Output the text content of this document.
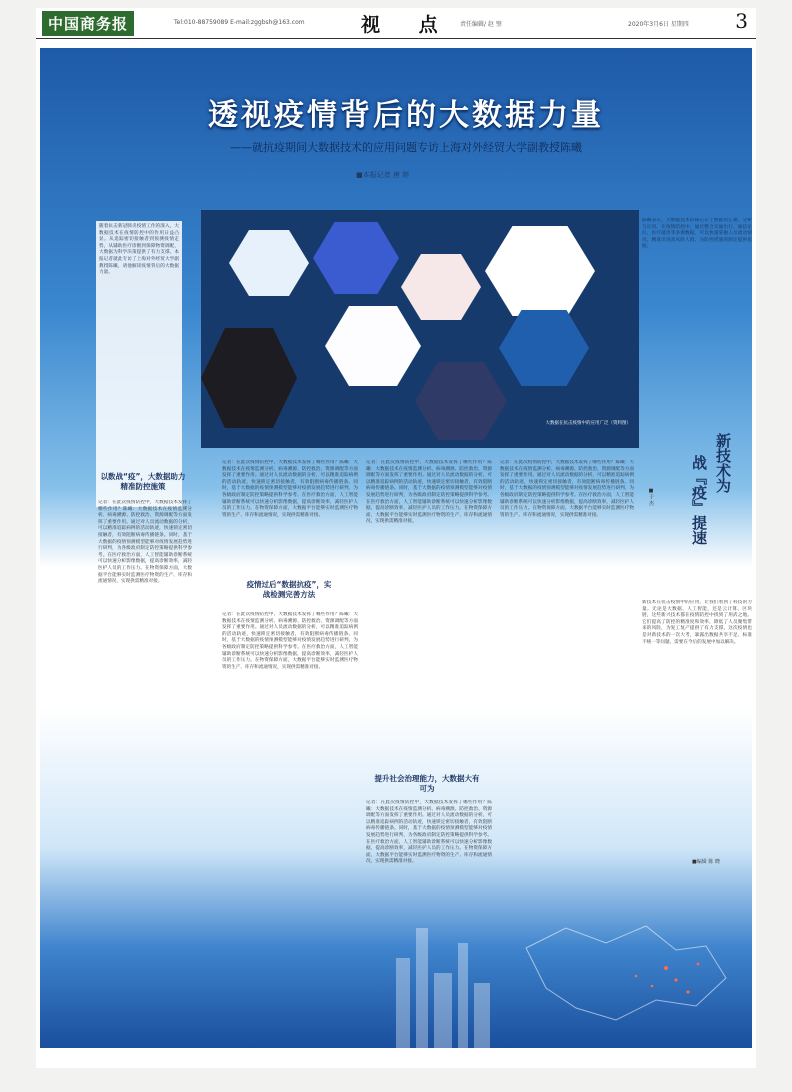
中国商务报	Tel:010-88759089 E-mail:zggbsh@163.com	视 点 责任编辑/ 赵 璧	2020年3月6日 星期四 3
透视疫情背后的大数据力量
——就抗疫期间大数据技术的应用问题专访上海对外经贸大学副教授陈曦
■本报记者 唐 婷
随着抗击新冠肺炎疫情工作的深入，大数据技术在疫情防控中的作用日益凸显。从追踪密切接触者到预测疫情走势，从辅助医疗诊断到保障物资调配，大数据为科学决策提供了有力支撑。本报记者就此专访了上海对外经贸大学副教授陈曦，请他解读疫情背后的大数据力量。
陈曦表示，大数据技术的核心在于数据的汇聚、分析与应用。在疫情防控中，通过整合交通出行、通信定位、医疗就诊等多源数据，可以快速掌握人员流动情况，精准识别高风险人群，为防控措施的制定提供依据。
大数据在抗击疫情中的应用广泛（资料图）
以数战“疫”，大数据助力精准防控施策
记者：在此次疫情防控中，大数据技术发挥了哪些作用？陈曦：大数据技术在疫情监测分析、病毒溯源、防控救治、资源调配等方面发挥了重要作用。通过对人员流动数据的分析，可以精准追踪病例的活动轨迹，快速锁定密切接触者，有效阻断病毒传播链条。同时，基于大数据的疫情预测模型能够对疫情发展趋势进行研判，为各级政府制定防控策略提供科学参考。在医疗救治方面，人工智能辅助诊断系统可以快速分析影像数据，提高诊断效率，减轻医护人员的工作压力。在物资保障方面，大数据平台能够实时监测医疗物资的生产、库存和流通情况，实现供需精准对接。
记者：在此次疫情防控中，大数据技术发挥了哪些作用？陈曦：大数据技术在疫情监测分析、病毒溯源、防控救治、资源调配等方面发挥了重要作用。通过对人员流动数据的分析，可以精准追踪病例的活动轨迹，快速锁定密切接触者，有效阻断病毒传播链条。同时，基于大数据的疫情预测模型能够对疫情发展趋势进行研判，为各级政府制定防控策略提供科学参考。在医疗救治方面，人工智能辅助诊断系统可以快速分析影像数据，提高诊断效率，减轻医护人员的工作压力。在物资保障方面，大数据平台能够实时监测医疗物资的生产、库存和流通情况，实现供需精准对接。
疫情过后“数据抗疫”，实战检测完善方法
记者：在此次疫情防控中，大数据技术发挥了哪些作用？陈曦：大数据技术在疫情监测分析、病毒溯源、防控救治、资源调配等方面发挥了重要作用。通过对人员流动数据的分析，可以精准追踪病例的活动轨迹，快速锁定密切接触者，有效阻断病毒传播链条。同时，基于大数据的疫情预测模型能够对疫情发展趋势进行研判，为各级政府制定防控策略提供科学参考。在医疗救治方面，人工智能辅助诊断系统可以快速分析影像数据，提高诊断效率，减轻医护人员的工作压力。在物资保障方面，大数据平台能够实时监测医疗物资的生产、库存和流通情况，实现供需精准对接。
记者：在此次疫情防控中，大数据技术发挥了哪些作用？陈曦：大数据技术在疫情监测分析、病毒溯源、防控救治、资源调配等方面发挥了重要作用。通过对人员流动数据的分析，可以精准追踪病例的活动轨迹，快速锁定密切接触者，有效阻断病毒传播链条。同时，基于大数据的疫情预测模型能够对疫情发展趋势进行研判，为各级政府制定防控策略提供科学参考。在医疗救治方面，人工智能辅助诊断系统可以快速分析影像数据，提高诊断效率，减轻医护人员的工作压力。在物资保障方面，大数据平台能够实时监测医疗物资的生产、库存和流通情况，实现供需精准对接。
提升社会治理能力，大数据大有可为
记者：在此次疫情防控中，大数据技术发挥了哪些作用？陈曦：大数据技术在疫情监测分析、病毒溯源、防控救治、资源调配等方面发挥了重要作用。通过对人员流动数据的分析，可以精准追踪病例的活动轨迹，快速锁定密切接触者，有效阻断病毒传播链条。同时，基于大数据的疫情预测模型能够对疫情发展趋势进行研判，为各级政府制定防控策略提供科学参考。在医疗救治方面，人工智能辅助诊断系统可以快速分析影像数据，提高诊断效率，减轻医护人员的工作压力。在物资保障方面，大数据平台能够实时监测医疗物资的生产、库存和流通情况，实现供需精准对接。
记者：在此次疫情防控中，大数据技术发挥了哪些作用？陈曦：大数据技术在疫情监测分析、病毒溯源、防控救治、资源调配等方面发挥了重要作用。通过对人员流动数据的分析，可以精准追踪病例的活动轨迹，快速锁定密切接触者，有效阻断病毒传播链条。同时，基于大数据的疫情预测模型能够对疫情发展趋势进行研判，为各级政府制定防控策略提供科学参考。在医疗救治方面，人工智能辅助诊断系统可以快速分析影像数据，提高诊断效率，减轻医护人员的工作压力。在物资保障方面，大数据平台能够实时监测医疗物资的生产、库存和流通情况，实现供需精准对接。
新技术为
战『疫』提速
■于 杰
新技术在抗击疫情中的应用，让我们看到了科技的力量。无论是大数据、人工智能，还是云计算、区块链，这些新兴技术都在疫情防控中找到了用武之地。它们提高了防控的精准度和效率，降低了人员聚集带来的风险，为复工复产提供了有力支撑。这次疫情也是对新技术的一次大考，暴露出数据共享不足、标准不统一等问题，需要在今后的发展中加以解决。
■编辑 陈 晓
